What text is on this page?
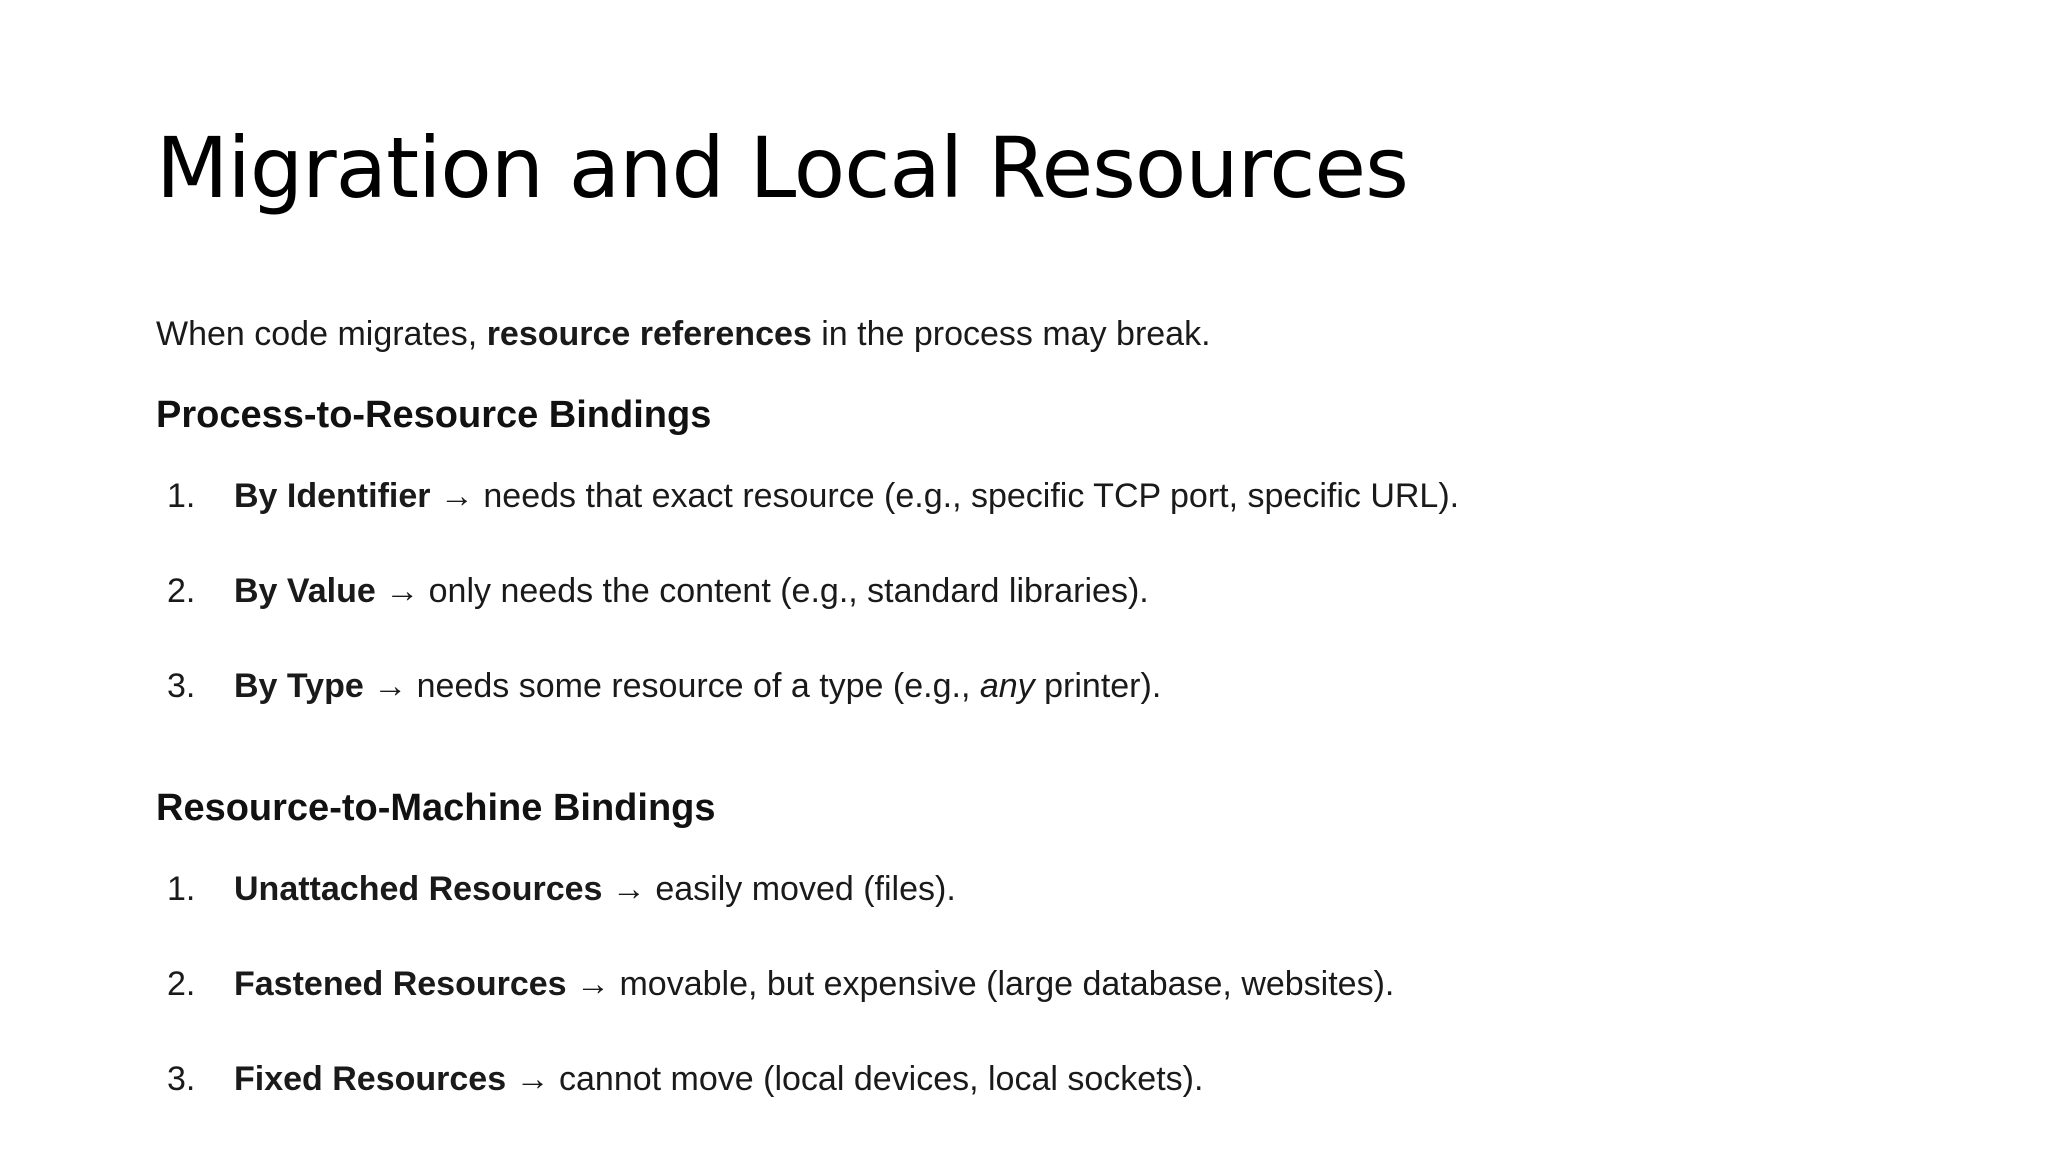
Migration and Local Resources

When code migrates, resource references in the process may break.

Process-to-Resource Bindings
1. By Identifier → needs that exact resource (e.g., specific TCP port, specific URL).
2. By Value → only needs the content (e.g., standard libraries).
3. By Type → needs some resource of a type (e.g., any printer).
Resource-to-Machine Bindings
1. Unattached Resources → easily moved (files).
2. Fastened Resources → movable, but expensive (large database, websites).
3. Fixed Resources → cannot move (local devices, local sockets).
